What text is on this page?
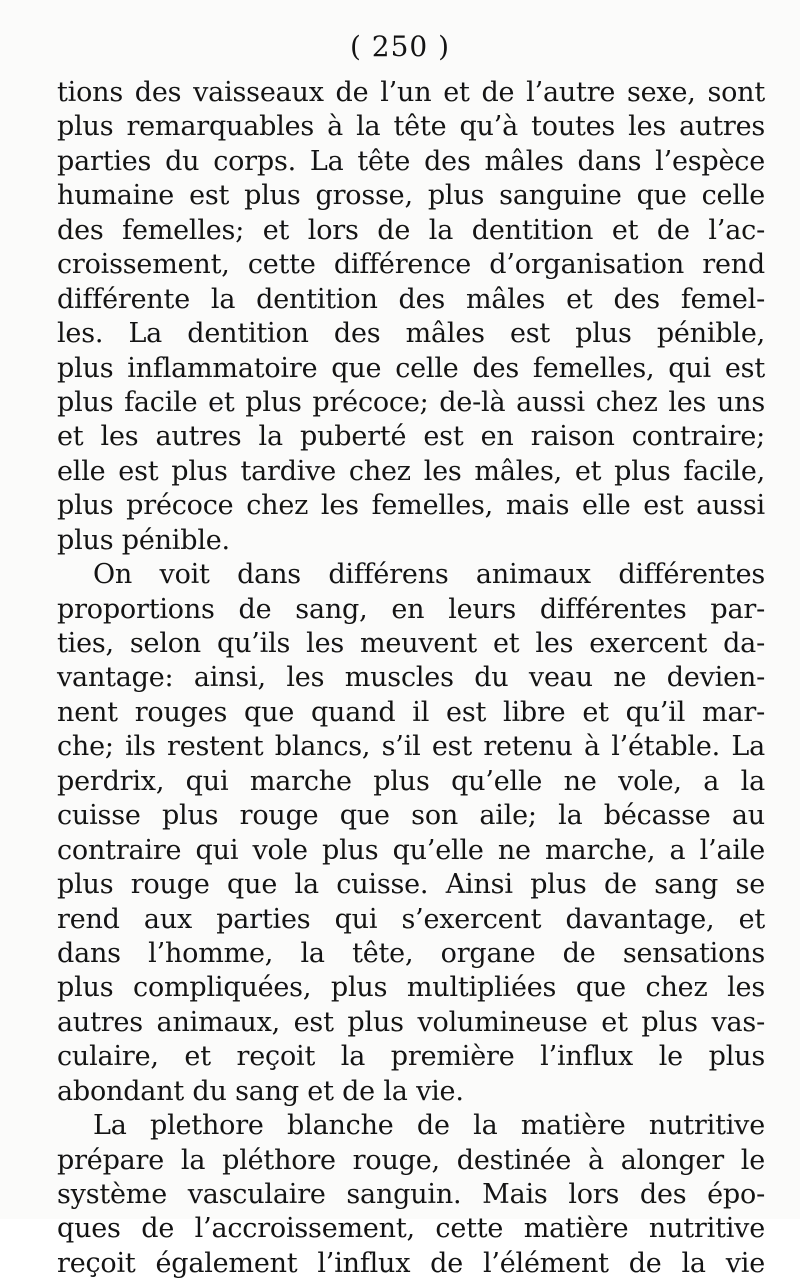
( 250 )
tions des vaisseaux de l’un et de l’autre sexe, sont
plus remarquables à la tête qu’à toutes les autres
parties du corps. La tête des mâles dans l’espèce
humaine est plus grosse, plus sanguine que celle
des femelles; et lors de la dentition et de l’ac-
croissement, cette différence d’organisation rend
différente la dentition des mâles et des femel-
les. La dentition des mâles est plus pénible,
plus inflammatoire que celle des femelles, qui est
plus facile et plus précoce; de-là aussi chez les uns
et les autres la puberté est en raison contraire;
elle est plus tardive chez les mâles, et plus facile,
plus précoce chez les femelles, mais elle est aussi
plus pénible.
On voit dans différens animaux différentes
proportions de sang, en leurs différentes par-
ties, selon qu’ils les meuvent et les exercent da-
vantage: ainsi, les muscles du veau ne devien-
nent rouges que quand il est libre et qu’il mar-
che; ils restent blancs, s’il est retenu à l’étable. La
perdrix, qui marche plus qu’elle ne vole, a la
cuisse plus rouge que son aile; la bécasse au
contraire qui vole plus qu’elle ne marche, a l’aile
plus rouge que la cuisse. Ainsi plus de sang se
rend aux parties qui s’exercent davantage, et
dans l’homme, la tête, organe de sensations
plus compliquées, plus multipliées que chez les
autres animaux, est plus volumineuse et plus vas-
culaire, et reçoit la première l’influx le plus
abondant du sang et de la vie.
La plethore blanche de la matière nutritive
prépare la pléthore rouge, destinée à alonger le
système vasculaire sanguin. Mais lors des épo-
ques de l’accroissement, cette matière nutritive
reçoit également l’influx de l’élément de la vie
